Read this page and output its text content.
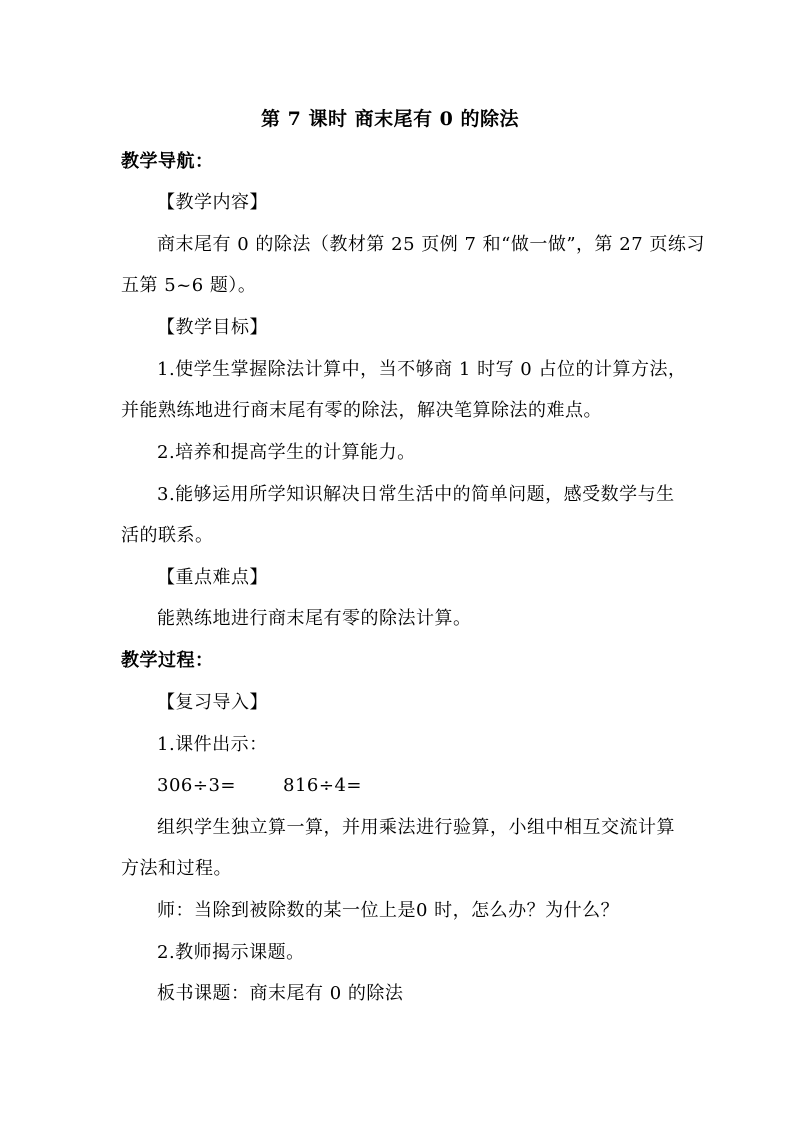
第 7 课时 商末尾有 0 的除法
教学导航：
【教学内容】
商末尾有 0 的除法（教材第 25 页例 7 和“做一做”，第 27 页练习
五第 5~6 题）。
【教学目标】
1.使学生掌握除法计算中，当不够商 1 时写 0 占位的计算方法，
并能熟练地进行商末尾有零的除法，解决笔算除法的难点。
2.培养和提高学生的计算能力。
3.能够运用所学知识解决日常生活中的简单问题，感受数学与生
活的联系。
【重点难点】
能熟练地进行商末尾有零的除法计算。
教学过程：
【复习导入】
1.课件出示：
306÷3=	816÷4=
组织学生独立算一算，并用乘法进行验算，小组中相互交流计算
方法和过程。
师：当除到被除数的某一位上是0 时，怎么办？为什么？
2.教师揭示课题。
板书课题：商末尾有 0 的除法
